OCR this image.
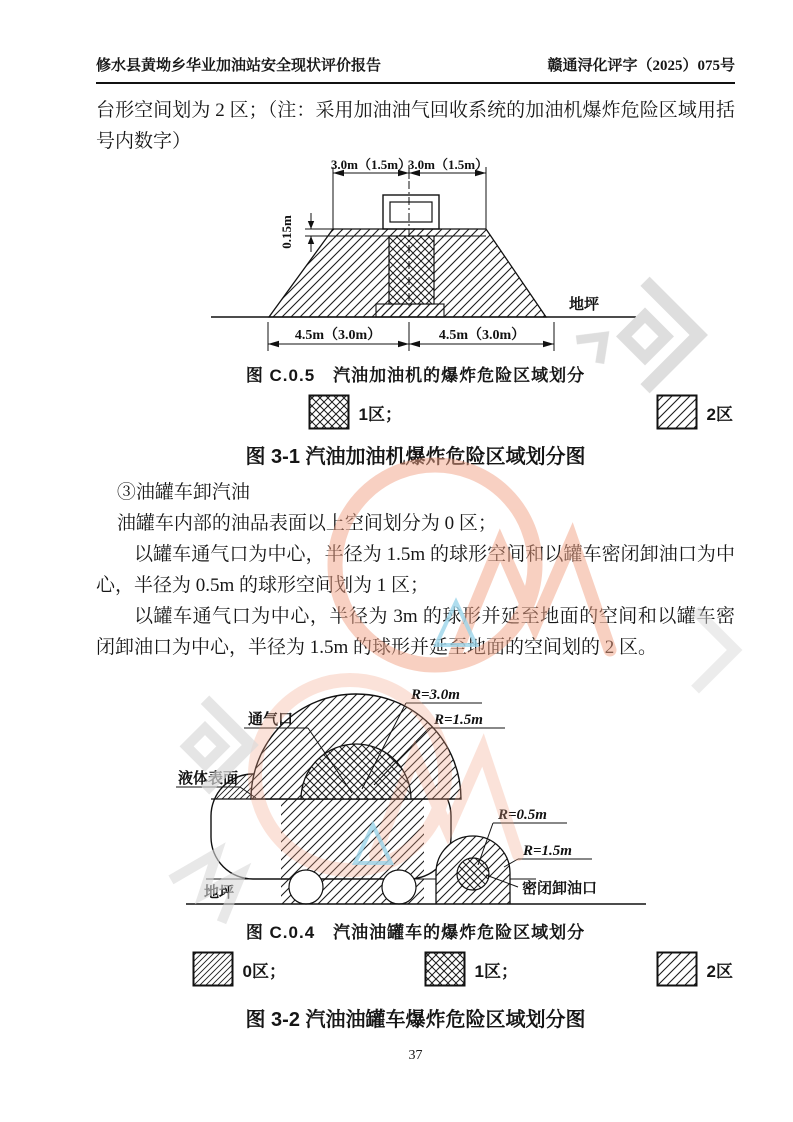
修水县黄坳乡华业加油站安全现状评价报告	赣通浔化评字（2025）075号

台形空间划为 2 区；（注：采用加油油气回收系统的加油机爆炸危险区域用括号内数字）

3.0m（1.5m）
3.0m（1.5m）
0.15m
地坪
4.5m（3.0m）	4.5m（3.0m）
图 C.0.5　汽油加油机的爆炸危险区域划分
1区；	2区
图 3-1 汽油加油机爆炸危险区域划分图

③油罐车卸汽油

油罐车内部的油品表面以上空间划分为 0 区；

以罐车通气口为中心，半径为 1.5m 的球形空间和以罐车密闭卸油口为中心，半径为 0.5m 的球形空间划为 1 区；

以罐车通气口为中心，半径为 3m 的球形并延至地面的空间和以罐车密闭卸油口为中心，半径为 1.5m 的球形并延至地面的空间划的 2 区。

通气口
R=3.0m
R=1.5m
液体表面
R=0.5m
R=1.5m
密闭卸油口
地坪
图 C.0.4　汽油油罐车的爆炸危险区域划分
0区；	1区；	2区
图 3-2 汽油油罐车爆炸危险区域划分图
37
